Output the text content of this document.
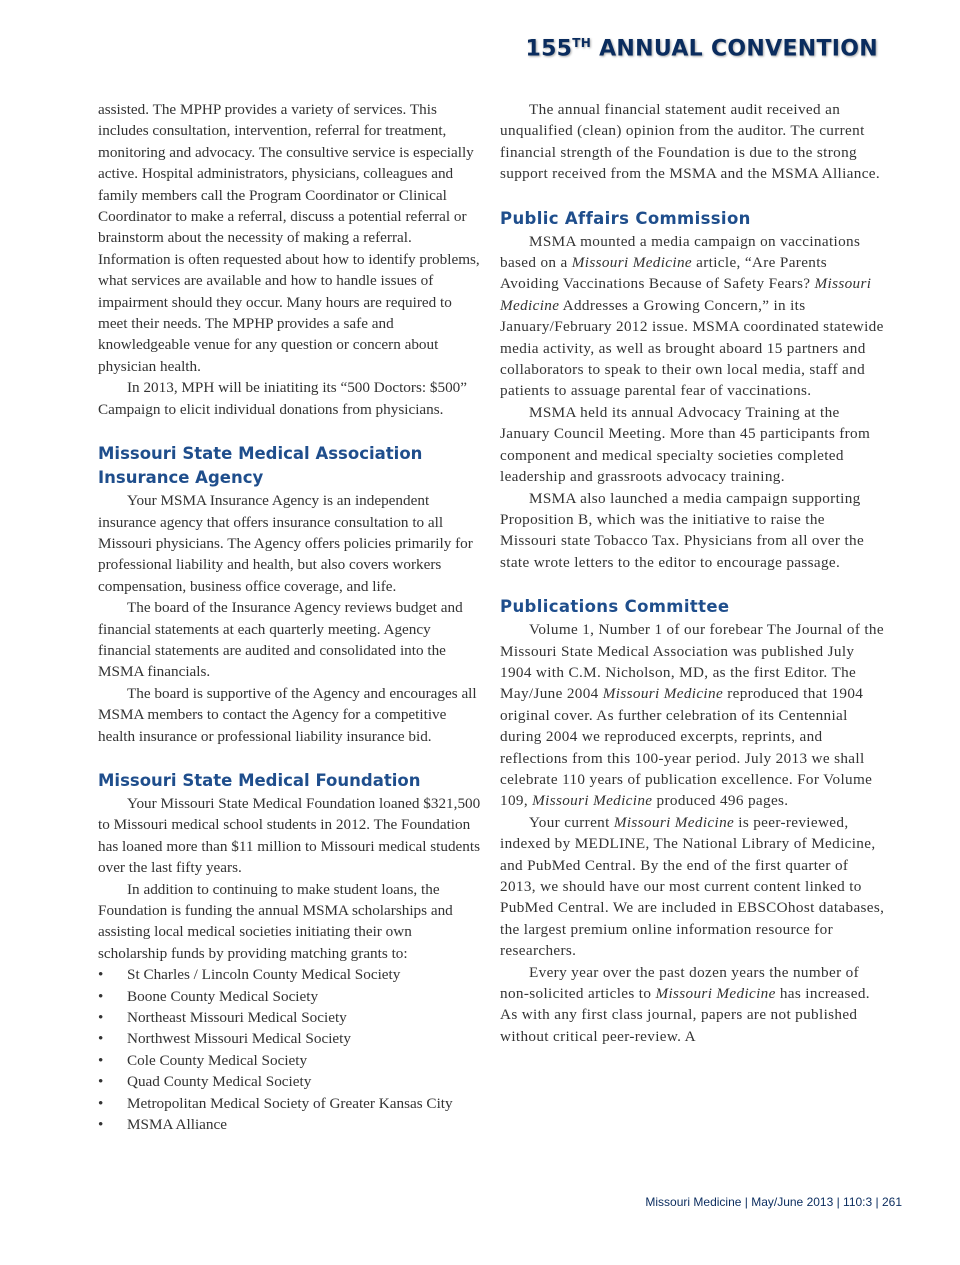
155TH ANNUAL CONVENTION

assisted. The MPHP provides a variety of services. This includes consultation, intervention, referral for treatment, monitoring and advocacy. The consultive service is especially active. Hospital administrators, physicians, colleagues and family members call the Program Coordinator or Clinical Coordinator to make a referral, discuss a potential referral or brainstorm about the necessity of making a referral. Information is often requested about how to identify problems, what services are available and how to handle issues of impairment should they occur. Many hours are required to meet their needs. The MPHP provides a safe and knowledgeable venue for any question or concern about physician health.

In 2013, MPH will be iniatiting its “500 Doctors: $500” Campaign to elicit individual donations from physicians.

Missouri State Medical Association
Insurance Agency

Your MSMA Insurance Agency is an independent insurance agency that offers insurance consultation to all Missouri physicians. The Agency offers policies primarily for professional liability and health, but also covers workers compensation, business office coverage, and life.

The board of the Insurance Agency reviews budget and financial statements at each quarterly meeting. Agency financial statements are audited and consolidated into the MSMA financials.

The board is supportive of the Agency and encourages all MSMA members to contact the Agency for a competitive health insurance or professional liability insurance bid.

Missouri State Medical Foundation

Your Missouri State Medical Foundation loaned $321,500 to Missouri medical school students in 2012. The Foundation has loaned more than $11 million to Missouri medical students over the last fifty years.

In addition to continuing to make student loans, the Foundation is funding the annual MSMA scholarships and assisting local medical societies initiating their own scholarship funds by providing matching grants to:

• St Charles / Lincoln County Medical Society
• Boone County Medical Society
• Northeast Missouri Medical Society
• Northwest Missouri Medical Society
• Cole County Medical Society
• Quad County Medical Society
• Metropolitan Medical Society of Greater Kansas City
• MSMA Alliance

The annual financial statement audit received an unqualified (clean) opinion from the auditor. The current financial strength of the Foundation is due to the strong support received from the MSMA and the MSMA Alliance.

Public Affairs Commission

MSMA mounted a media campaign on vaccinations based on a Missouri Medicine article, “Are Parents Avoiding Vaccinations Because of Safety Fears? Missouri Medicine Addresses a Growing Concern,” in its January/February 2012 issue. MSMA coordinated statewide media activity, as well as brought aboard 15 partners and collaborators to speak to their own local media, staff and patients to assuage parental fear of vaccinations.

MSMA held its annual Advocacy Training at the January Council Meeting. More than 45 participants from component and medical specialty societies completed leadership and grassroots advocacy training.

MSMA also launched a media campaign supporting Proposition B, which was the initiative to raise the Missouri state Tobacco Tax. Physicians from all over the state wrote letters to the editor to encourage passage.

Publications Committee

Volume 1, Number 1 of our forebear The Journal of the Missouri State Medical Association was published July 1904 with C.M. Nicholson, MD, as the first Editor. The May/June 2004 Missouri Medicine reproduced that 1904 original cover. As further celebration of its Centennial during 2004 we reproduced excerpts, reprints, and reflections from this 100-year period. July 2013 we shall celebrate 110 years of publication excellence. For Volume 109, Missouri Medicine produced 496 pages.

Your current Missouri Medicine is peer-reviewed, indexed by MEDLINE, The National Library of Medicine, and PubMed Central. By the end of the first quarter of 2013, we should have our most current content linked to PubMed Central. We are included in EBSCOhost databases, the largest premium online information resource for researchers.

Every year over the past dozen years the number of non-solicited articles to Missouri Medicine has increased. As with any first class journal, papers are not published without critical peer-review. A

Missouri Medicine | May/June 2013 | 110:3 | 261
